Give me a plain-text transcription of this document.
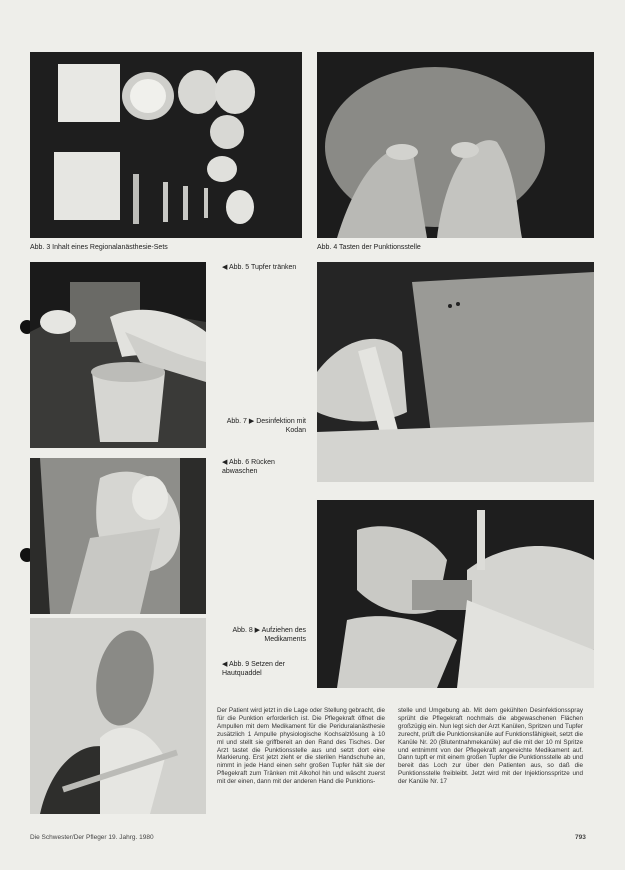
Abb. 3 Inhalt eines Regionalanästhesie-Sets	Abb. 4 Tasten der Punktionsstelle
◀ Abb. 5 Tupfer tränken
Abb. 7 ▶ Desinfektion mit Kodan
◀ Abb. 6 Rücken abwaschen
Abb. 8 ▶ Aufziehen des Medikaments
◀ Abb. 9 Setzen der Hautquaddel
Der Patient wird jetzt in die Lage oder Stellung gebracht, die für die Punktion erforderlich ist. Die Pflegekraft öffnet die Ampullen mit dem Medikament für die Periduralanästhesie zusätzlich 1 Ampulle physiologische Kochsalzlösung à 10 ml und stellt sie griffbereit an den Rand des Tisches. Der Arzt tastet die Punktionsstelle aus und setzt dort eine Markierung. Erst jetzt zieht er die sterilen Handschuhe an, nimmt in jede Hand einen sehr großen Tupfer hält sie der Pflegekraft zum Tränken mit Alkohol hin und wäscht zuerst mit der einen, dann mit der anderen Hand die Punktions-
stelle und Umgebung ab. Mit dem gekühlten Desinfektionsspray sprüht die Pflegekraft nochmals die abgewaschenen Flächen großzügig ein. Nun legt sich der Arzt Kanülen, Spritzen und Tupfer zurecht, prüft die Punktionskanüle auf Funktionsfähigkeit, setzt die Kanüle Nr. 20 (Blutentnahmekanüle) auf die mit der 10 ml Spritze und entnimmt von der Pflegekraft angereichte Medikament auf. Dann tupft er mit einem großen Tupfer die Punktionsstelle ab und bereit das Loch zur über den Patienten aus, so daß die Punktionsstelle freibleibt. Jetzt wird mit der Injektionsspritze und der Kanüle Nr. 17
Die Schwester/Der Pfleger 19. Jahrg. 1980	793
